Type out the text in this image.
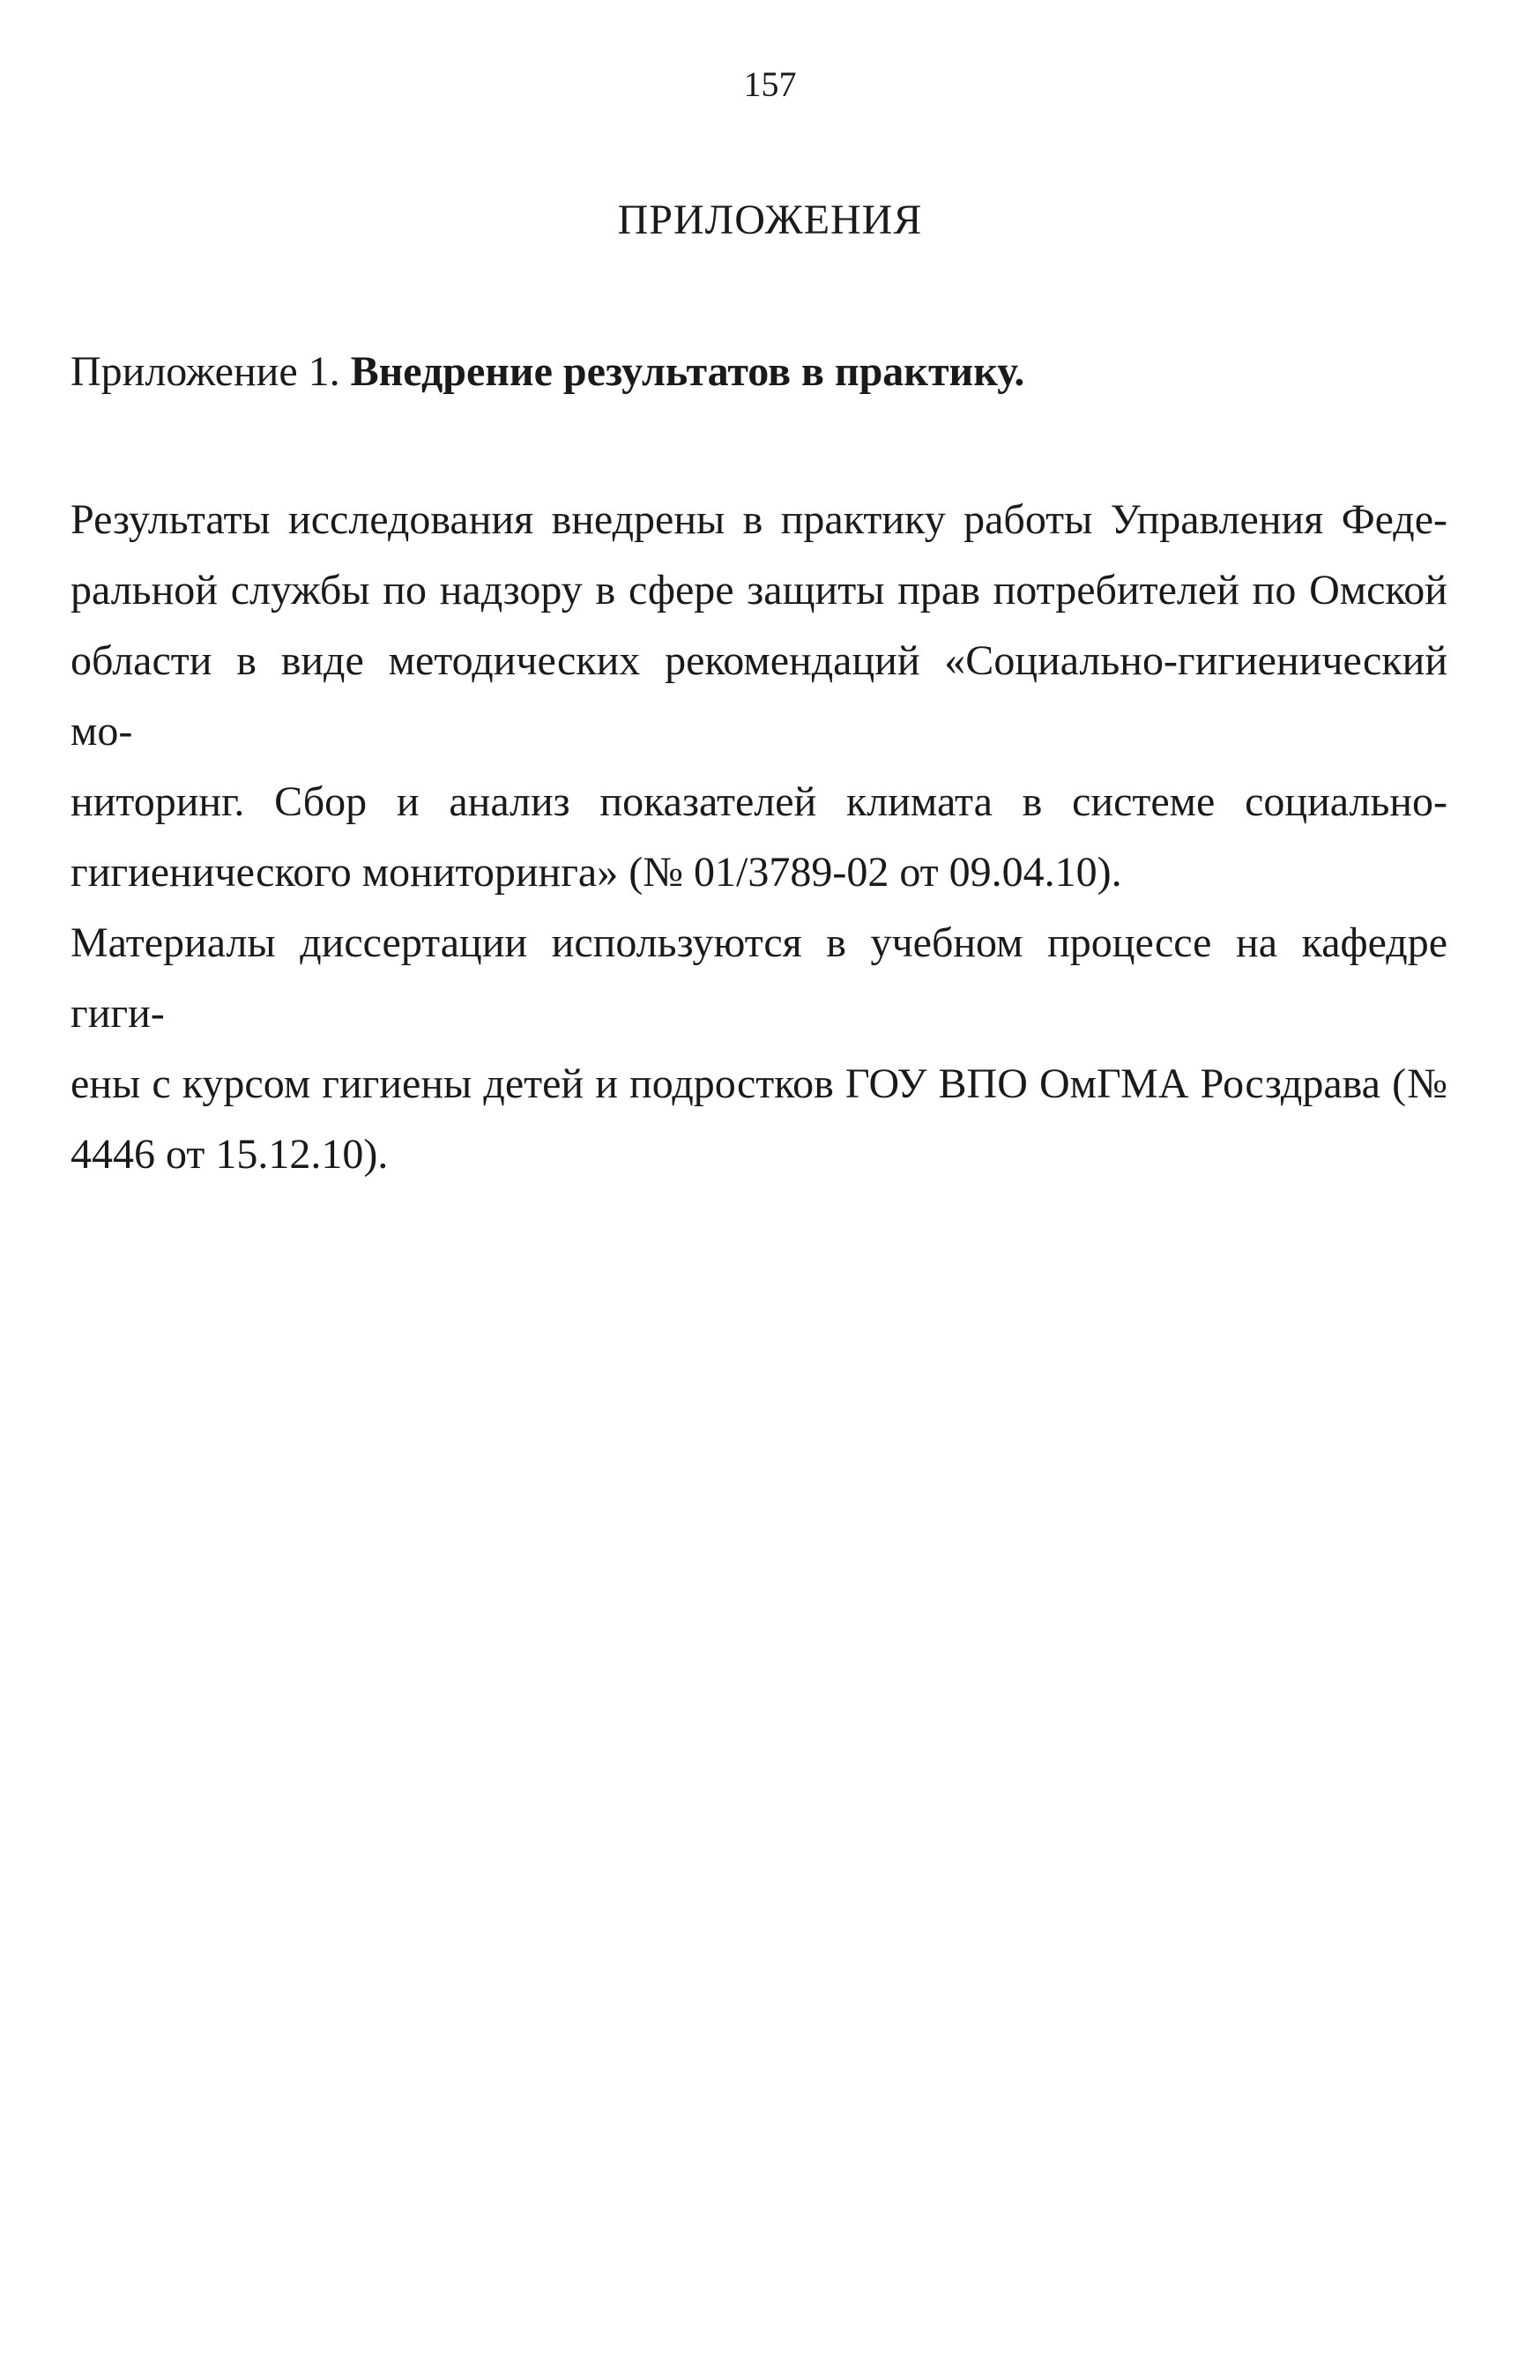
157
ПРИЛОЖЕНИЯ
Приложение 1. Внедрение результатов в практику.

Результаты исследования внедрены в практику работы Управления Феде-
ральной службы по надзору в сфере защиты прав потребителей по Омской
области в виде методических рекомендаций «Социально-гигиенический мо-
ниторинг. Сбор и анализ показателей климата в системе социально-
гигиенического мониторинга» (№ 01/3789-02 от 09.04.10).

Материалы диссертации используются в учебном процессе на кафедре гиги-
ены с курсом гигиены детей и подростков ГОУ ВПО ОмГМА Росздрава (№
4446 от 15.12.10).
